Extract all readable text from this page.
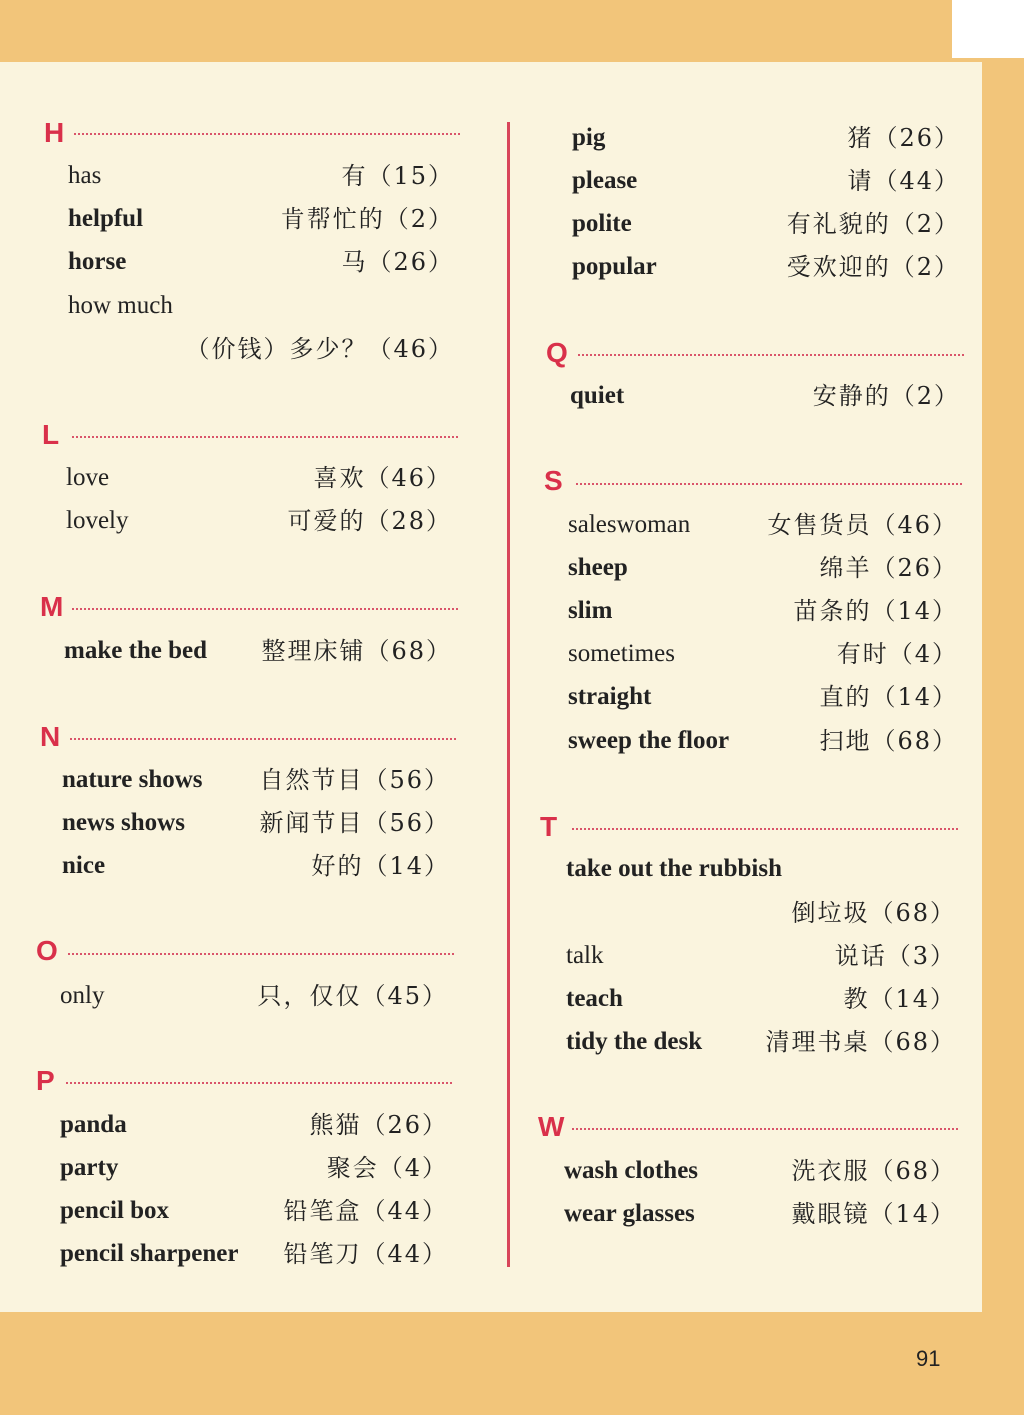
H
has	有（15）
helpful	肯帮忙的（2）
horse	马（26）
how much
（价钱）多少？（46）
L
love	喜欢（46）
lovely	可爱的（28）
M
make the bed 整理床铺（68）
N
nature shows 自然节目（56）
news shows	新闻节目（56）
nice	好的（14）
O
only	只，仅仅（45）
P
panda	熊猫（26）
party	聚会（4）
pencil box	铅笔盒（44）
pencil sharpener 铅笔刀（44）
pig	猪（26）
please	请（44）
polite	有礼貌的（2）
popular	受欢迎的（2）
Q
quiet	安静的（2）
S
saleswoman	女售货员（46）
sheep	绵羊（26）
slim	苗条的（14）
sometimes	有时（4）
straight	直的（14）
sweep the floor	扫地（68）
T
take out the rubbish
倒垃圾（68）
talk	说话（3）
teach	教（14）
tidy the desk	清理书桌（68）
W
wash clothes	洗衣服（68）
wear glasses	戴眼镜（14）
91
